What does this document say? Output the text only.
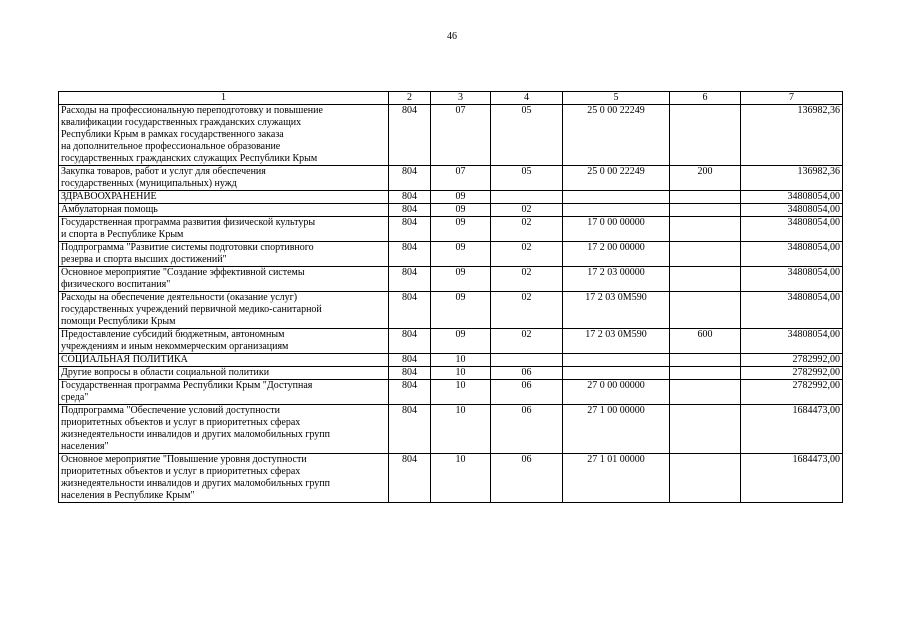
46
1	2	3	4	5	6	7
Расходы на профессиональную переподготовку и повышение
квалификации государственных гражданских служащих
Республики Крым в рамках государственного заказа
на дополнительное профессиональное образование
государственных гражданских служащих Республики Крым	804	07	05	25 0 00 22249		136982,36
Закупка товаров, работ и услуг для обеспечения
государственных (муниципальных) нужд	804	07	05	25 0 00 22249	200	136982,36
ЗДРАВООХРАНЕНИЕ	804	09				34808054,00
Амбулаторная помощь	804	09	02			34808054,00
Государственная программа развития физической культуры
и спорта в Республике Крым	804	09	02	17 0 00 00000		34808054,00
Подпрограмма "Развитие системы подготовки спортивного
резерва и спорта высших достижений"	804	09	02	17 2 00 00000		34808054,00
Основное мероприятие "Создание эффективной системы
физического воспитания"	804	09	02	17 2 03 00000		34808054,00
Расходы на обеспечение деятельности (оказание услуг)
государственных учреждений первичной медико-санитарной
помощи Республики Крым	804	09	02	17 2 03 0М590		34808054,00
Предоставление субсидий бюджетным, автономным
учреждениям и иным некоммерческим организациям	804	09	02	17 2 03 0М590	600	34808054,00
СОЦИАЛЬНАЯ ПОЛИТИКА	804	10				2782992,00
Другие вопросы в области социальной политики	804	10	06			2782992,00
Государственная программа Республики Крым "Доступная
среда"	804	10	06	27 0 00 00000		2782992,00
Подпрограмма "Обеспечение условий доступности
приоритетных объектов и услуг в приоритетных сферах
жизнедеятельности инвалидов и других маломобильных групп
населения"	804	10	06	27 1 00 00000		1684473,00
Основное мероприятие "Повышение уровня доступности
приоритетных объектов и услуг в приоритетных сферах
жизнедеятельности инвалидов и других маломобильных групп
населения в Республике Крым"	804	10	06	27 1 01 00000		1684473,00
